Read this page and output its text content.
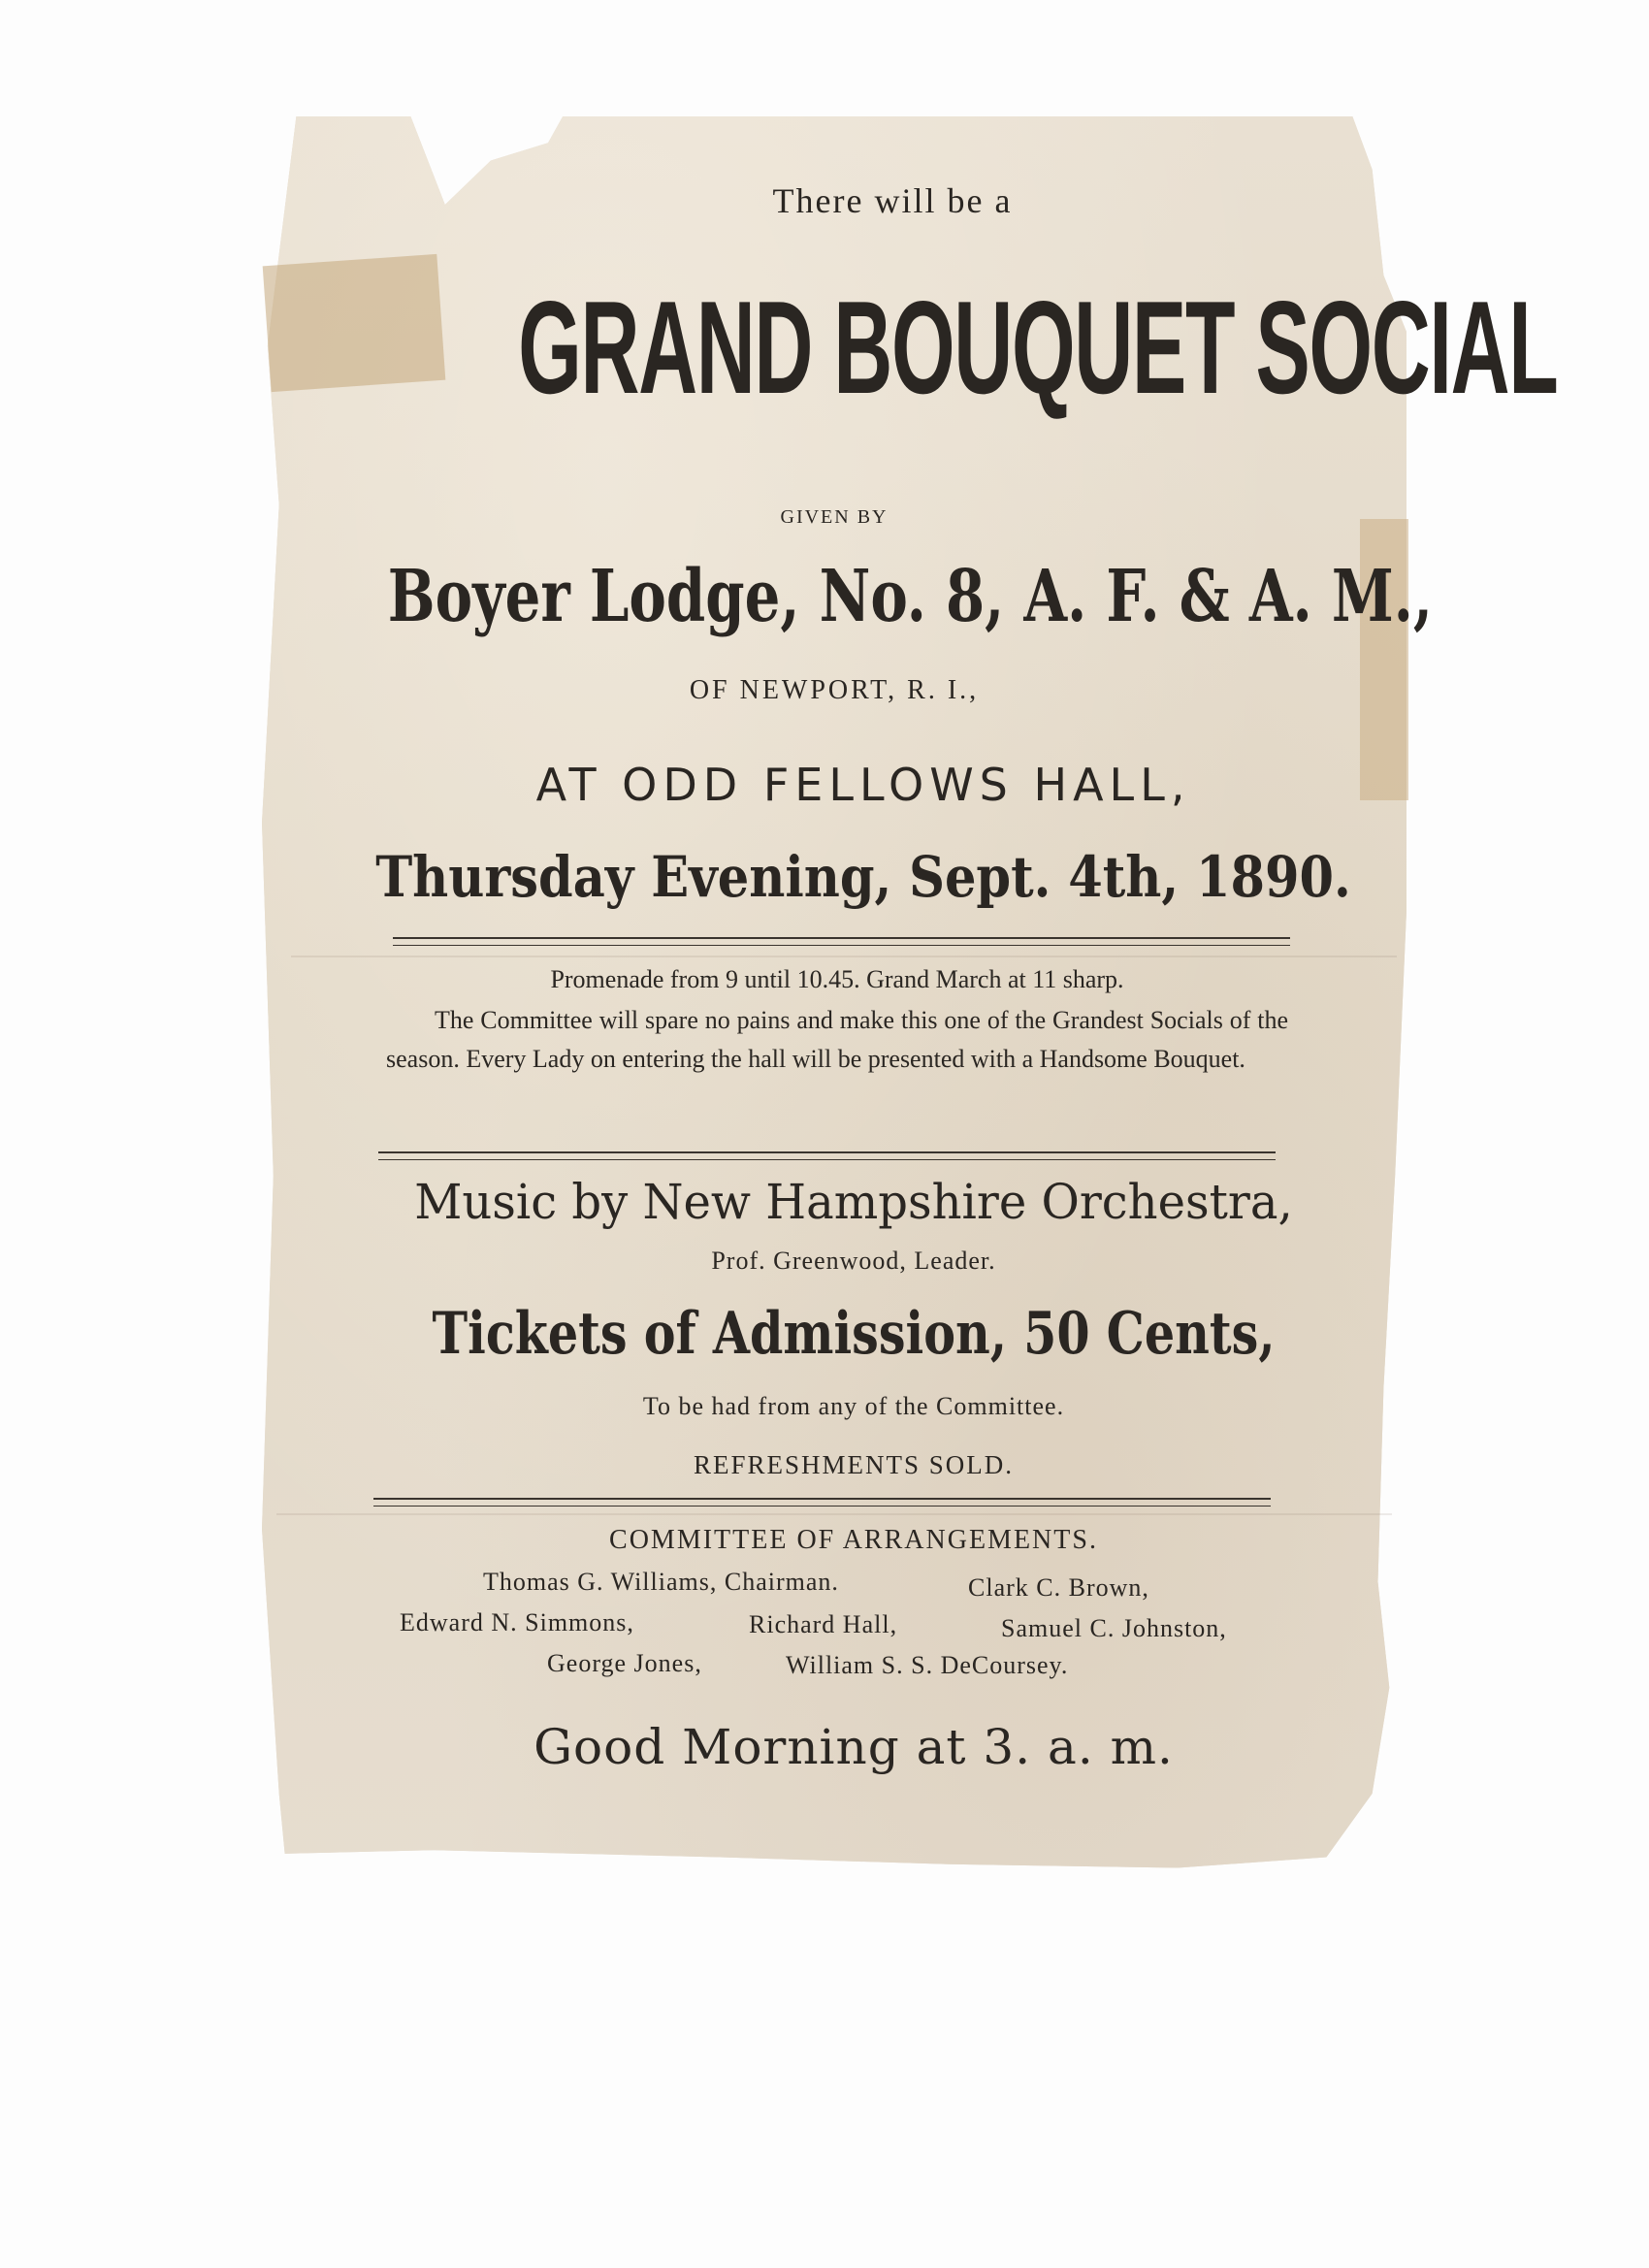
There will be a
GRAND BOUQUET SOCIAL
GIVEN BY
Boyer Lodge, No. 8, A. F. & A. M.,
OF NEWPORT, R. I.,
AT ODD FELLOWS HALL,
Thursday Evening, Sept. 4th, 1890.
Promenade from 9 until 10.45. Grand March at 11 sharp.
The Committee will spare no pains and make this one of the Grandest Socials of the season. Every Lady on entering the hall will be presented with a Handsome Bouquet.
Music by New Hampshire Orchestra,
Prof. Greenwood, Leader.
Tickets of Admission, 50 Cents,
To be had from any of the Committee.
REFRESHMENTS SOLD.
COMMITTEE OF ARRANGEMENTS.
Thomas G. Williams, Chairman.	Clark C. Brown,
Edward N. Simmons,	Richard Hall,	Samuel C. Johnston,
George Jones,	William S. S. DeCoursey.
Good Morning at 3. a. m.
